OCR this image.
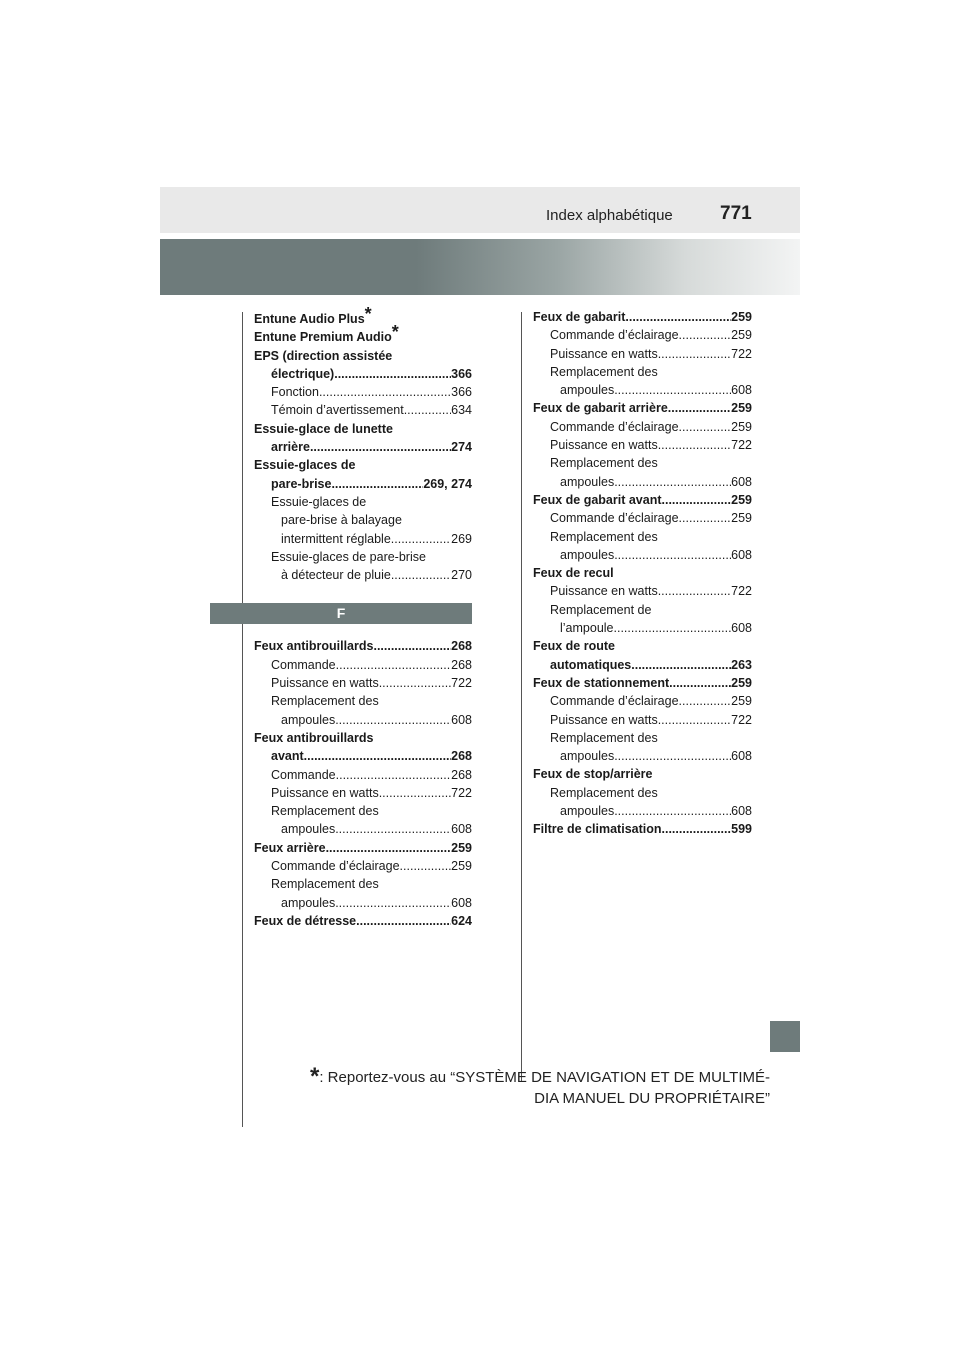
Index alphabétique 771
Entune Audio Plus*
Entune Premium Audio*
EPS (direction assistée
électrique) .....	366
Fonction .....	366
Témoin d’avertissement .....	634
Essuie-glace de lunette
arrière .....	274
Essuie-glaces de
pare-brise .....	269, 274
Essuie-glaces de
pare-brise à balayage
intermittent réglable .....	269
Essuie-glaces de pare-brise
à détecteur de pluie .....	270
F
Feux antibrouillards .....	268
Commande .....	268
Puissance en watts .....	722
Remplacement des
ampoules .....	608
Feux antibrouillards
avant .....	268
Commande .....	268
Puissance en watts .....	722
Remplacement des
ampoules .....	608
Feux arrière .....	259
Commande d’éclairage .....	259
Remplacement des
ampoules .....	608
Feux de détresse .....	624
Feux de gabarit .....	259
Commande d’éclairage .....	259
Puissance en watts .....	722
Remplacement des
ampoules .....	608
Feux de gabarit arrière .....	259
Commande d’éclairage .....	259
Puissance en watts .....	722
Remplacement des
ampoules .....	608
Feux de gabarit avant .....	259
Commande d’éclairage .....	259
Remplacement des
ampoules .....	608
Feux de recul
Puissance en watts .....	722
Remplacement de
l’ampoule .....	608
Feux de route
automatiques .....	263
Feux de stationnement .....	259
Commande d’éclairage .....	259
Puissance en watts .....	722
Remplacement des
ampoules .....	608
Feux de stop/arrière
Remplacement des
ampoules .....	608
Filtre de climatisation .....	599
*: Reportez-vous au “SYSTÈME DE NAVIGATION ET DE MULTIMÉ-
DIA MANUEL DU PROPRIÉTAIRE”
